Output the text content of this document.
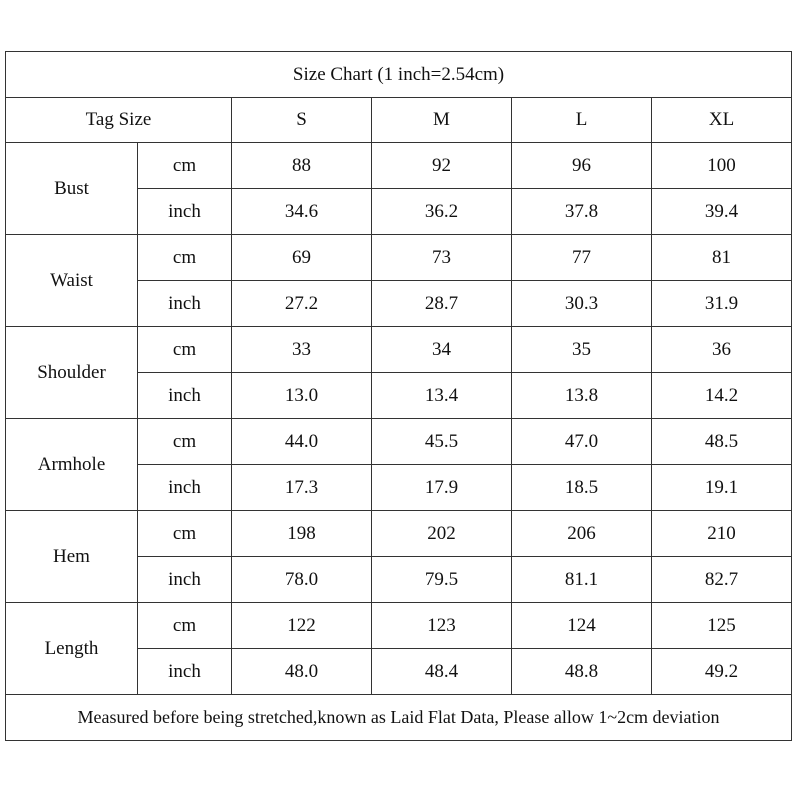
Size Chart (1 inch=2.54cm)					
Tag Size		S	M	L	XL
Bust	cm	88	92	96	100
	inch	34.6	36.2	37.8	39.4
Waist	cm	69	73	77	81
	inch	27.2	28.7	30.3	31.9
Shoulder	cm	33	34	35	36
	inch	13.0	13.4	13.8	14.2
Armhole	cm	44.0	45.5	47.0	48.5
	inch	17.3	17.9	18.5	19.1
Hem	cm	198	202	206	210
	inch	78.0	79.5	81.1	82.7
Length	cm	122	123	124	125
	inch	48.0	48.4	48.8	49.2
Measured before being stretched,known as Laid Flat Data, Please allow 1~2cm deviation					
